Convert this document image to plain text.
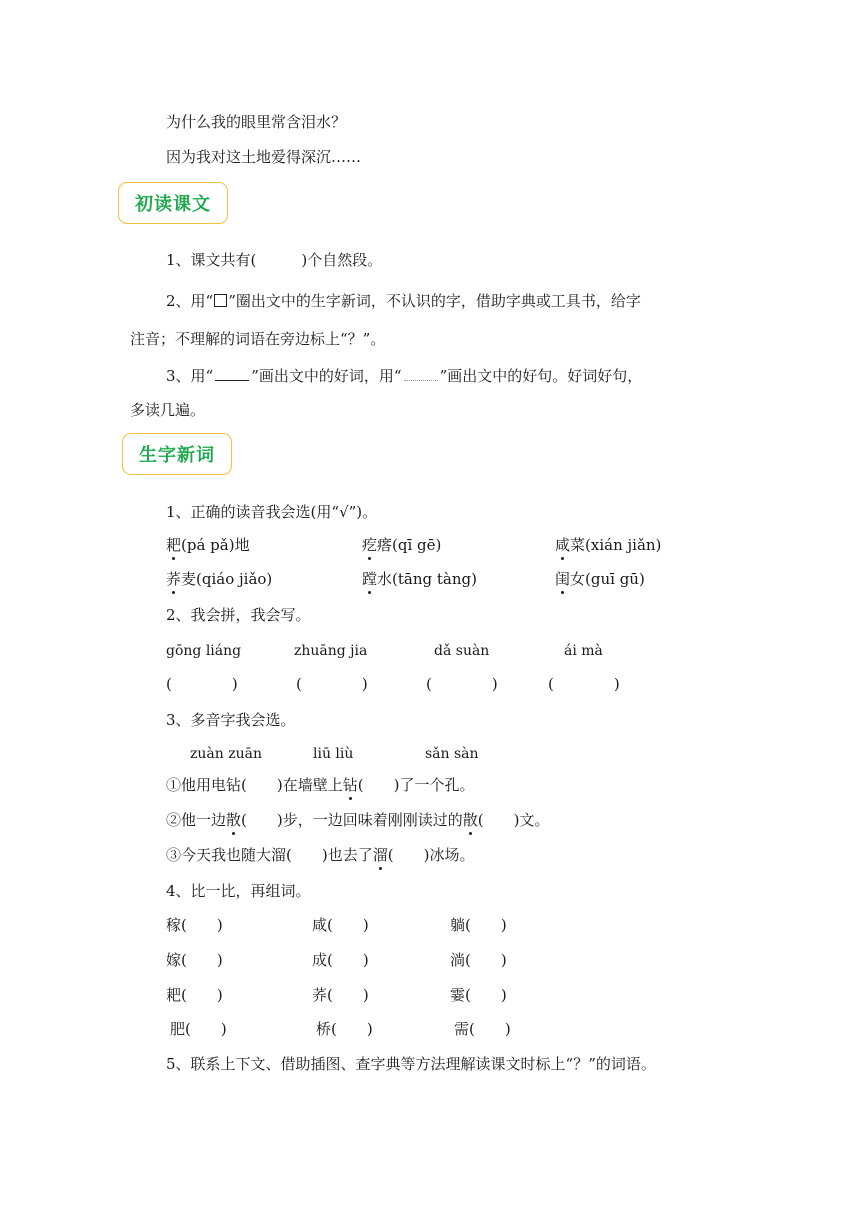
为什么我的眼里常含泪水？
因为我对这土地爱得深沉……
初读课文
1、课文共有(　　　)个自然段。
2、用“ ”圈出文中的生字新词，不认识的字，借助字典或工具书，给字
注音；不理解的词语在旁边标上“？”。
3、用“	”画出文中的好词，用“	”画出文中的好句。好词好句，
多读几遍。
生字新词
1、正确的读音我会选(用“√”)。
耙(pá pǎ)地	疙瘩(qī gē)	咸菜(xián jiǎn)
荞麦(qiáo jiǎo)	蹚水(tāng tàng)	闺女(guī gū)
2、我会拼，我会写。
gōng liáng	zhuāng jia	dǎ suàn	ái mà
(　　　　)	(　　　　)	(　　　　)	(　　　　)
3、多音字我会选。
zuàn zuān	liū liù	sǎn sàn
①他用电钻(　　)在墙壁上钻(　　)了一个孔。
②他一边散(　　)步，一边回味着刚刚读过的散(　　)文。
③今天我也随大溜(　　)也去了溜(　　)冰场。
4、比一比，再组词。
稼(　　)	咸(　　)	躺(　　)
嫁(　　)	成(　　)	淌(　　)
耙(　　)	荞(　　)	霎(　　)
肥(　　)	桥(　　)	需(　　)
5、联系上下文、借助插图、查字典等方法理解读课文时标上“？”的词语。
